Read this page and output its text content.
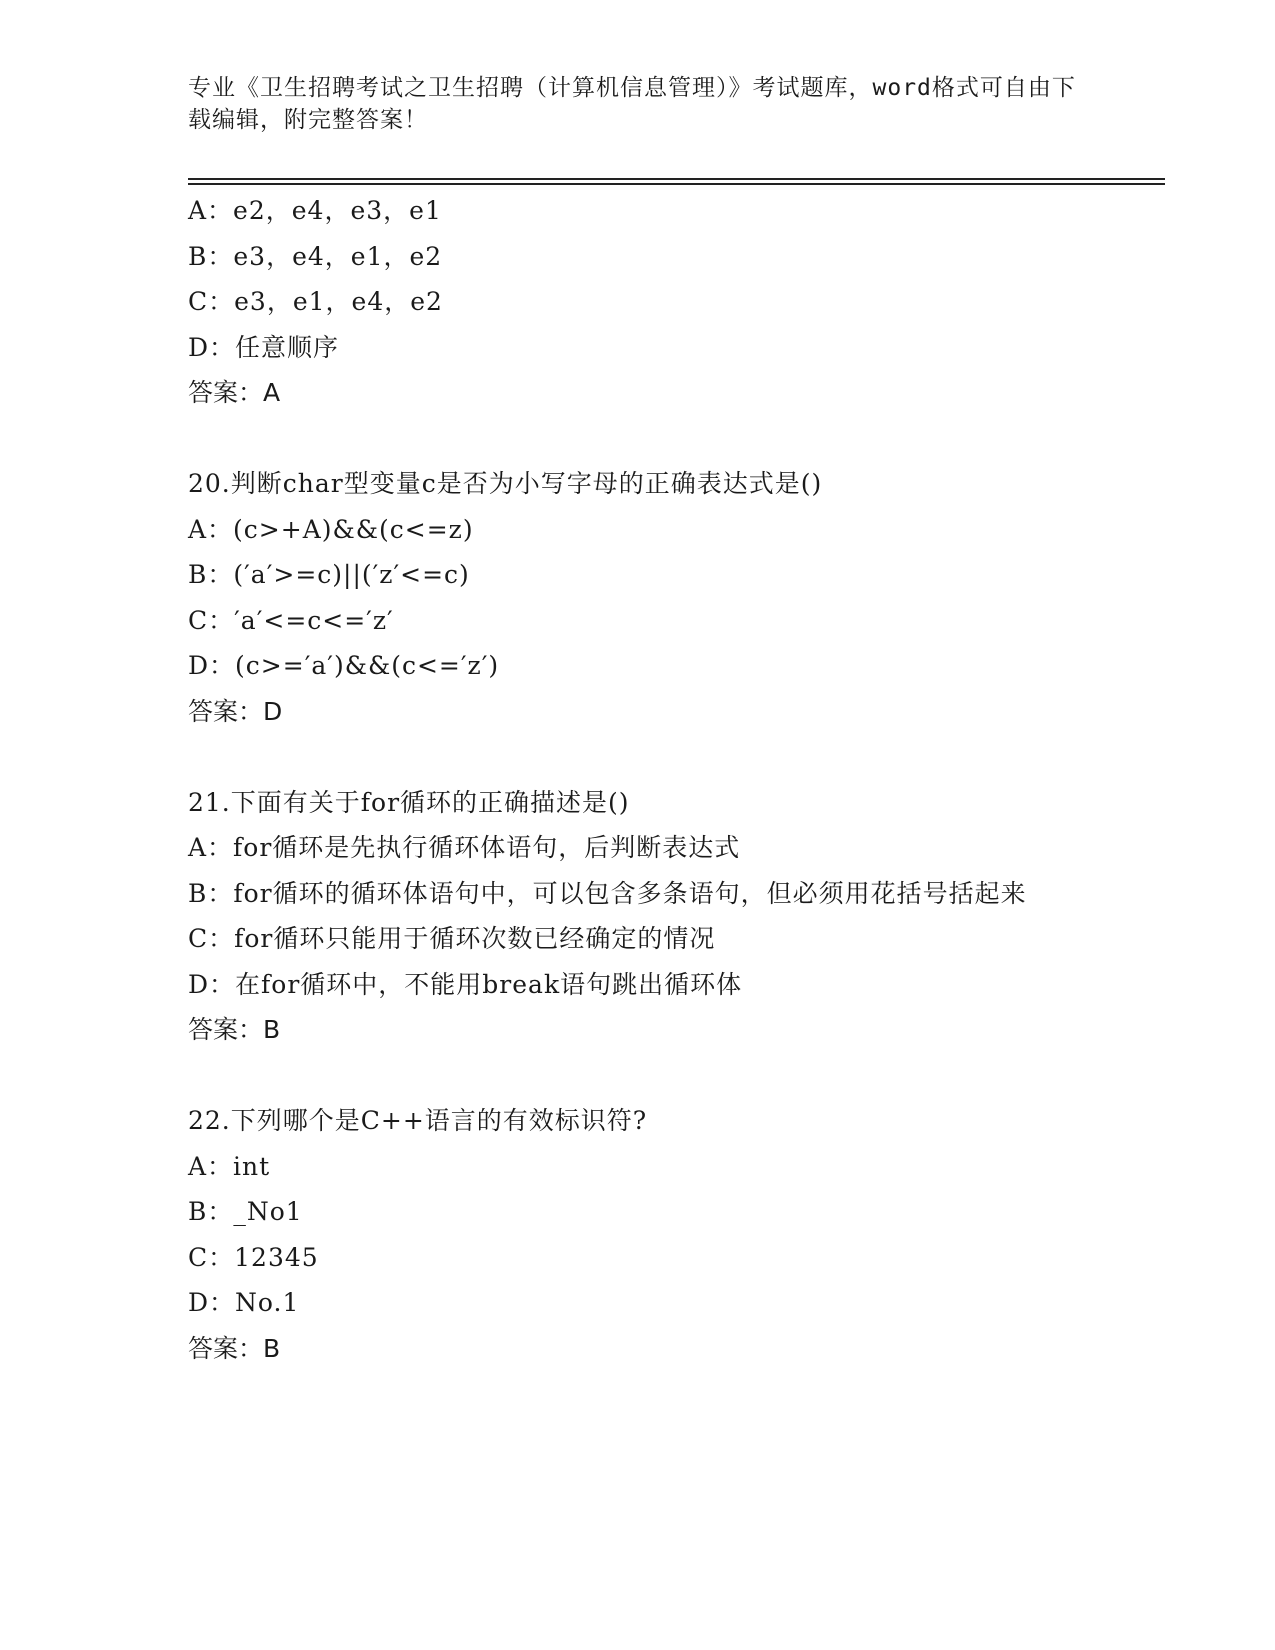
专业《卫生招聘考试之卫生招聘（计算机信息管理）》考试题库，word格式可自由下载编辑，附完整答案！
A：e2，e4，e3，e1
B：e3，e4，e1，e2
C：e3，e1，e4，e2
D：任意顺序
答案：A
20.判断char型变量c是否为小写字母的正确表达式是()
A：(c>+A)&&(c<=z)
B：(′a′>=c)||(′z′<=c)
C：′a′<=c<=′z′
D：(c>=′a′)&&(c<=′z′)
答案：D
21.下面有关于for循环的正确描述是()
A：for循环是先执行循环体语句，后判断表达式
B：for循环的循环体语句中，可以包含多条语句，但必须用花括号括起来
C：for循环只能用于循环次数已经确定的情况
D：在for循环中，不能用break语句跳出循环体
答案：B
22.下列哪个是C++语言的有效标识符?
A：int
B：_No1
C：12345
D：No.1
答案：B
